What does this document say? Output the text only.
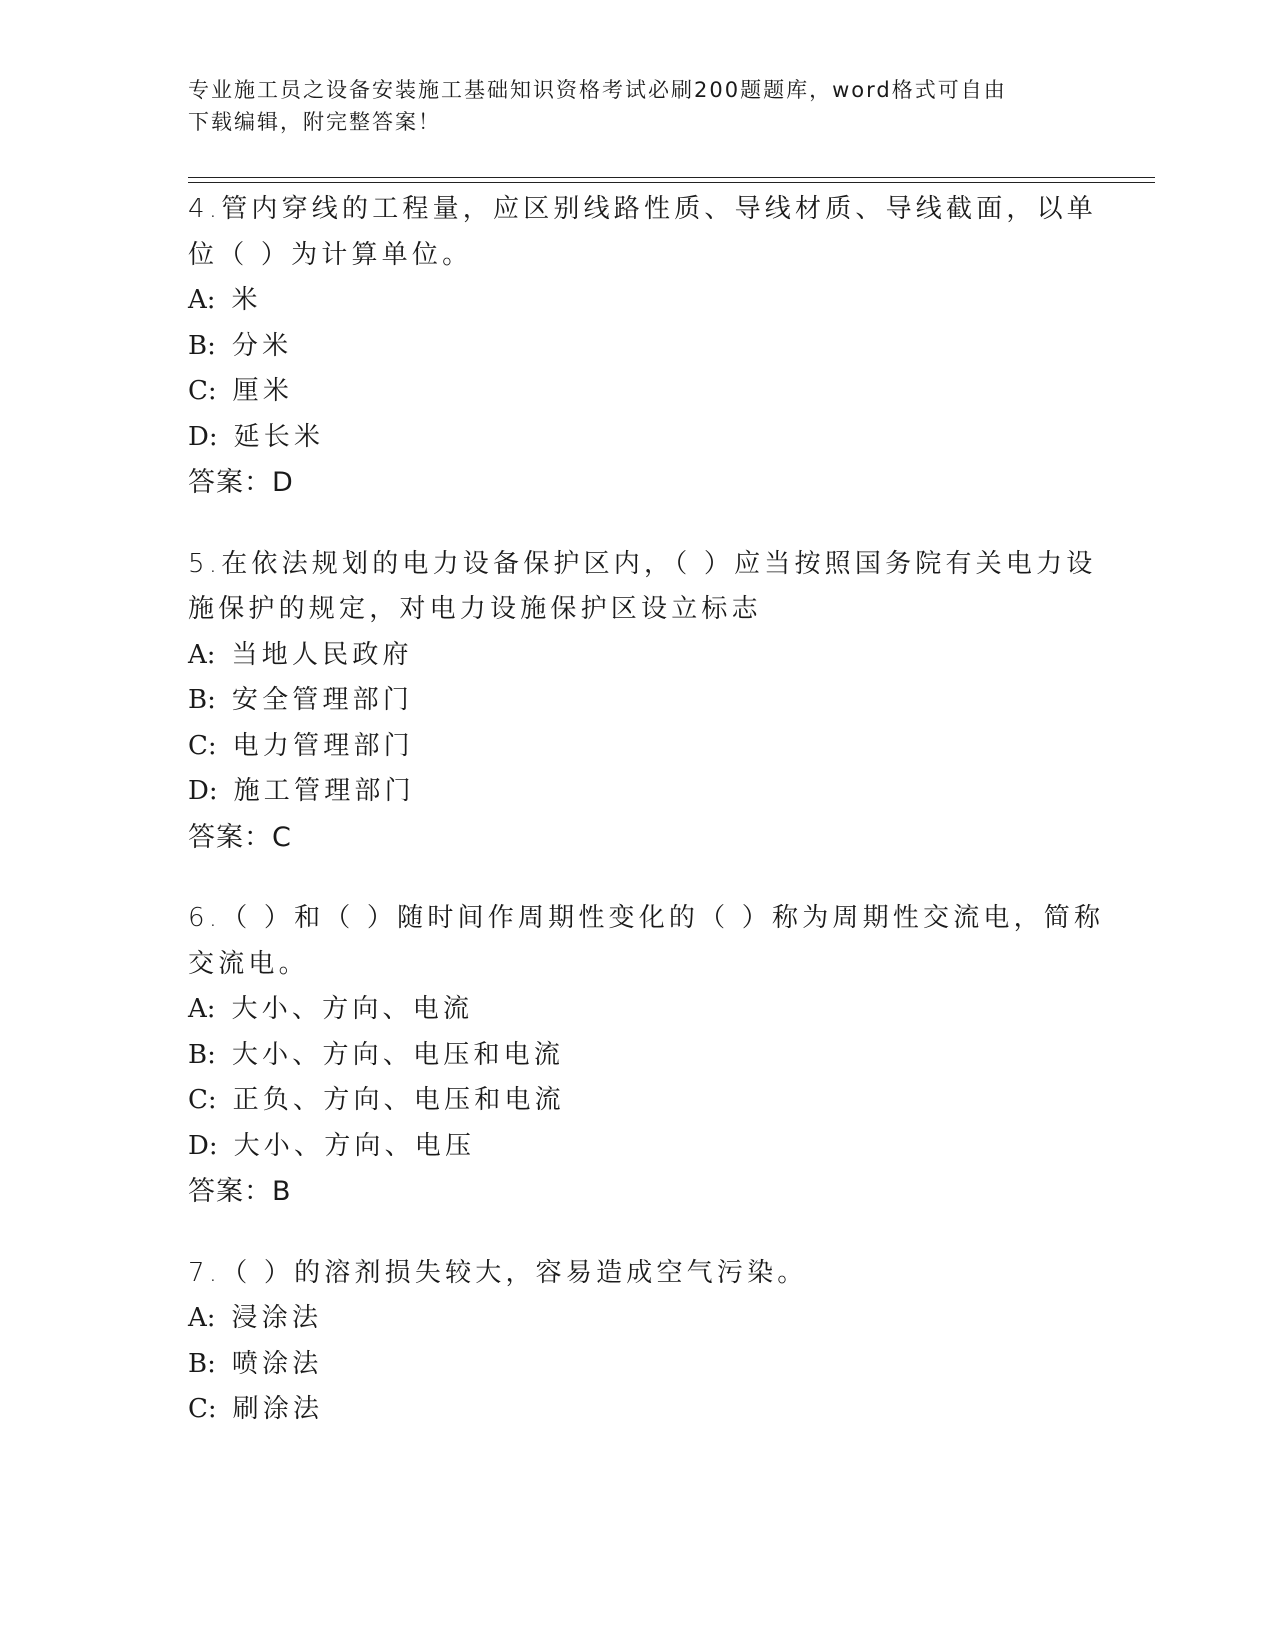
专业施工员之设备安装施工基础知识资格考试必刷200题题库，word格式可自由
下载编辑，附完整答案！
4.管内穿线的工程量，应区别线路性质、导线材质、导线截面，以单
位（ ）为计算单位。
A: 米
B: 分米
C: 厘米
D: 延长米
答案：D
5.在依法规划的电力设备保护区内，（ ）应当按照国务院有关电力设
施保护的规定，对电力设施保护区设立标志
A: 当地人民政府
B: 安全管理部门
C: 电力管理部门
D: 施工管理部门
答案：C
6.（ ）和（ ）随时间作周期性变化的（ ）称为周期性交流电，简称
交流电。
A: 大小、方向、电流
B: 大小、方向、电压和电流
C: 正负、方向、电压和电流
D: 大小、方向、电压
答案：B
7.（ ）的溶剂损失较大，容易造成空气污染。
A: 浸涂法
B: 喷涂法
C: 刷涂法
